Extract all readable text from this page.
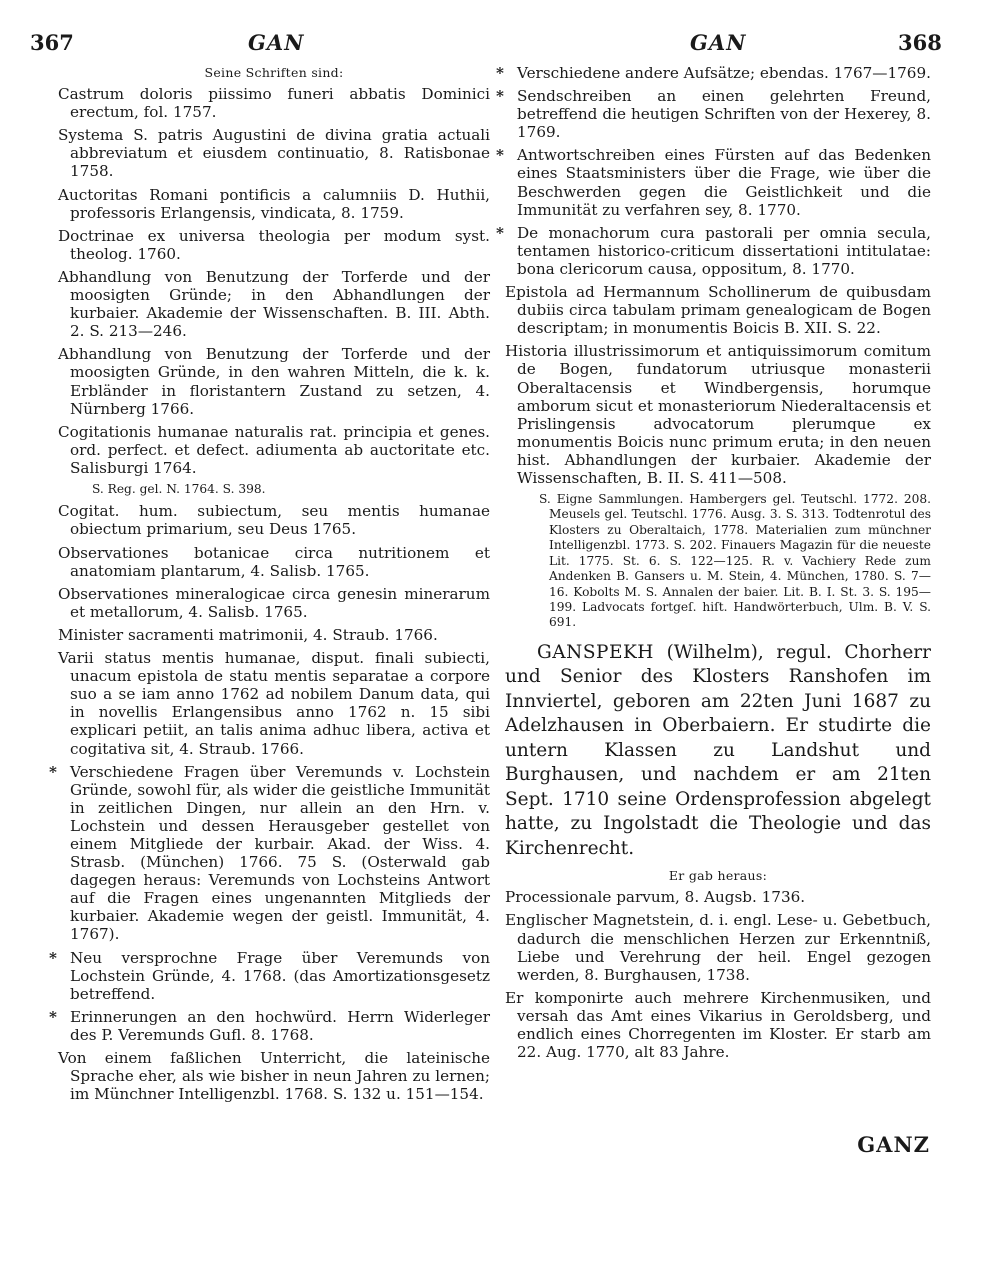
367	GAN	GAN	368
Seine Schriften sind:
Castrum doloris piissimo funeri abbatis Dominici erectum, fol. 1757.
Systema S. patris Augustini de divina gratia actuali abbreviatum et eiusdem continuatio, 8. Ratisbonae 1758.
Auctoritas Romani pontificis a calumniis D. Huthii, professoris Erlangensis, vindicata, 8. 1759.
Doctrinae ex universa theologia per modum syst. theolog. 1760.
Abhandlung von Benutzung der Torferde und der moosigten Gründe; in den Abhandlungen der kurbaier. Akademie der Wissenschaften. B. III. Abth. 2. S. 213—246.
Abhandlung von Benutzung der Torferde und der moosigten Gründe, in den wahren Mitteln, die k. k. Erbländer in floristantern Zustand zu setzen, 4. Nürnberg 1766.
Cogitationis humanae naturalis rat. principia et genes. ord. perfect. et defect. adiumenta ab auctoritate etc. Salisburgi 1764.
S. Reg. gel. N. 1764. S. 398.
Cogitat. hum. subiectum, seu mentis humanae obiectum primarium, seu Deus 1765.
Observationes botanicae circa nutritionem et anatomiam plantarum, 4. Salisb. 1765.
Observationes mineralogicae circa genesin minerarum et metallorum, 4. Salisb. 1765.
Minister sacramenti matrimonii, 4. Straub. 1766.
Varii status mentis humanae, disput. finali subiecti, unacum epistola de statu mentis separatae a corpore suo a se iam anno 1762 ad nobilem Danum data, qui in novellis Erlangensibus anno 1762 n. 15 sibi explicari petiit, an talis anima adhuc libera, activa et cogitativa sit, 4. Straub. 1766.
* Verschiedene Fragen über Veremunds v. Lochstein Gründe, sowohl für, als wider die geistliche Immunität in zeitlichen Dingen, nur allein an den Hrn. v. Lochstein und dessen Herausgeber gestellet von einem Mitgliede der kurbair. Akad. der Wiss. 4. Strasb. (München) 1766. 75 S. (Osterwald gab dagegen heraus: Veremunds von Lochsteins Antwort auf die Fragen eines ungenannten Mitglieds der kurbaier. Akademie wegen der geistl. Immunität, 4. 1767).
* Neu versprochne Frage über Veremunds von Lochstein Gründe, 4. 1768. (das Amortizationsgesetz betreffend.
* Erinnerungen an den hochwürd. Herrn Widerleger des P. Veremunds Gufl. 8. 1768.
Von einem faßlichen Unterricht, die lateinische Sprache eher, als wie bisher in neun Jahren zu lernen; im Münchner Intelligenzbl. 1768. S. 132 u. 151—154.
* Verschiedene andere Aufsätze; ebendas. 1767—1769.
* Sendschreiben an einen gelehrten Freund, betreffend die heutigen Schriften von der Hexerey, 8. 1769.
* Antwortschreiben eines Fürsten auf das Bedenken eines Staatsministers über die Frage, wie über die Beschwerden gegen die Geistlichkeit und die Immunität zu verfahren sey, 8. 1770.
* De monachorum cura pastorali per omnia secula, tentamen historico-criticum dissertationi intitulatae: bona clericorum causa, oppositum, 8. 1770.
Epistola ad Hermannum Schollinerum de quibusdam dubiis circa tabulam primam genealogicam de Bogen descriptam; in monumentis Boicis B. XII. S. 22.
Historia illustrissimorum et antiquissimorum comitum de Bogen, fundatorum utriusque monasterii Oberaltacensis et Windbergensis, horumque amborum sicut et monasteriorum Niederaltacensis et Prislingensis advocatorum plerumque ex monumentis Boicis nunc primum eruta; in den neuen hist. Abhandlungen der kurbaier. Akademie der Wissenschaften, B. II. S. 411—508.
S. Eigne Sammlungen. Hambergers gel. Teutschl. 1772. 208. Meusels gel. Teutschl. 1776. Ausg. 3. S. 313. Todtenrotul des Klosters zu Oberaltaich, 1778. Materialien zum münchner Intelligenzbl. 1773. S. 202. Finauers Magazin für die neueste Lit. 1775. St. 6. S. 122—125. R. v. Vachiery Rede zum Andenken B. Gansers u. M. Stein, 4. München, 1780. S. 7—16. Kobolts M. S. Annalen der baier. Lit. B. I. St. 3. S. 195—199. Ladvocats fortgeſ. hiſt. Handwörterbuch, Ulm. B. V. S. 691.
GANSPEKH (Wilhelm), regul. Chorherr und Senior des Klosters Ranshofen im Innviertel, geboren am 22ten Juni 1687 zu Adelzhausen in Oberbaiern. Er studirte die untern Klassen zu Landshut und Burghausen, und nachdem er am 21ten Sept. 1710 seine Ordensprofession abgelegt hatte, zu Ingolstadt die Theologie und das Kirchenrecht.
Er gab heraus:
Processionale parvum, 8. Augsb. 1736.
Englischer Magnetstein, d. i. engl. Lese- u. Gebetbuch, dadurch die menschlichen Herzen zur Erkenntniß, Liebe und Verehrung der heil. Engel gezogen werden, 8. Burghausen, 1738.
Er komponirte auch mehrere Kirchenmusiken, und versah das Amt eines Vikarius in Geroldsberg, und endlich eines Chorregenten im Kloster. Er starb am 22. Aug. 1770, alt 83 Jahre.
GANZ
